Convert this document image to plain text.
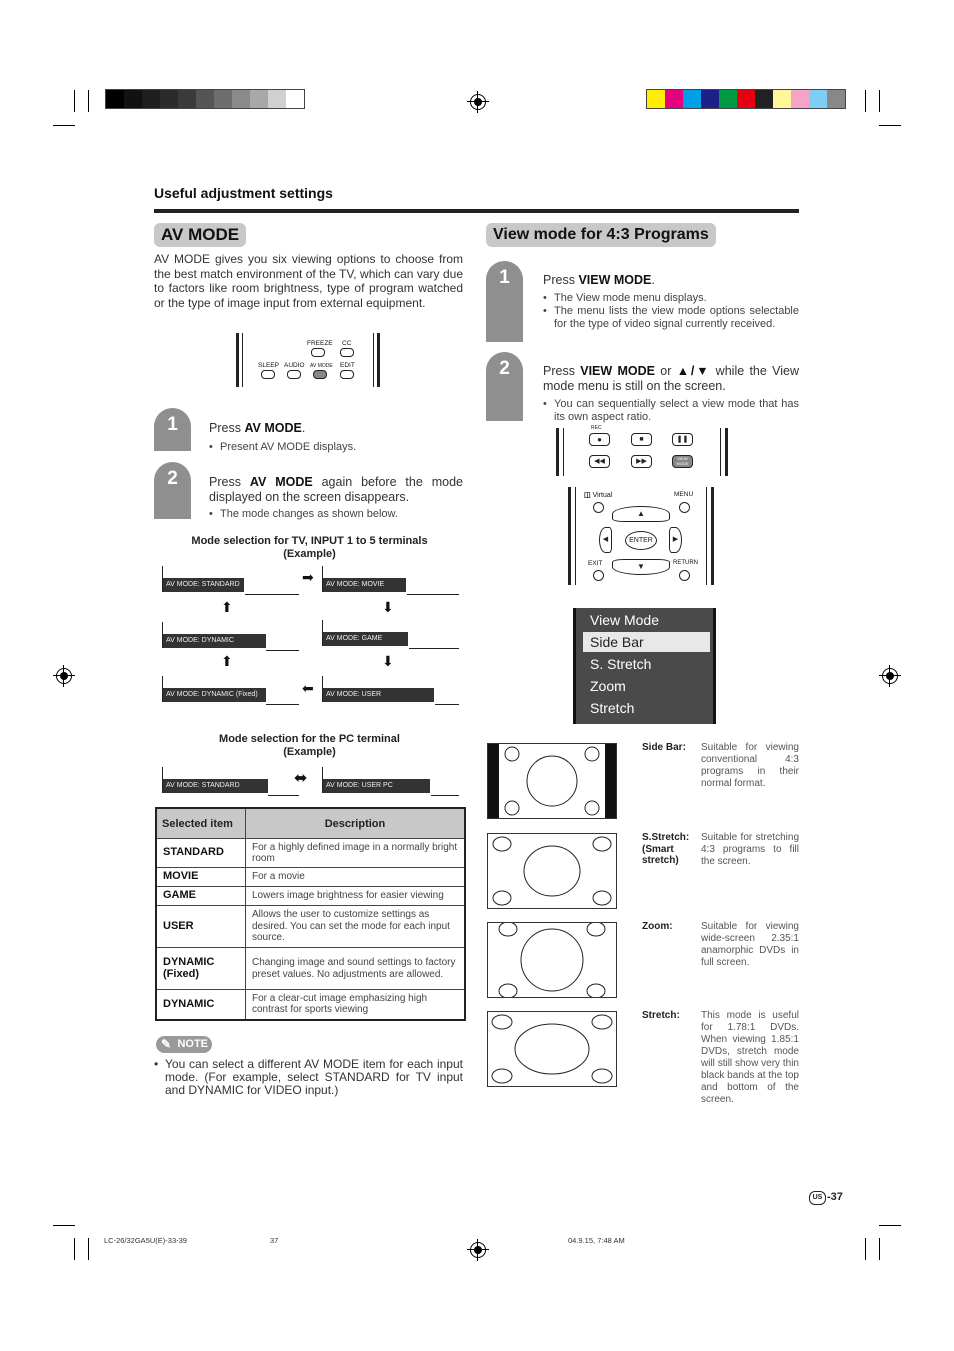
Useful adjustment settings
AV MODE
AV MODE gives you six viewing options to choose from the best match environment of the TV, which can vary due to factors like room brightness, type of program watched or the type of image input from external equipment.
FREEZE CC
SLEEP AUDIO AV MODE EDIT
1	Press AV MODE.
• Present AV MODE displays.
2	Press AV MODE again before the mode displayed on the screen disappears.
• The mode changes as shown below.
Mode selection for TV, INPUT 1 to 5 terminals
(Example)
AV MODE: STANDARD	AV MODE: MOVIE
AV MODE: DYNAMIC	AV MODE: GAME
AV MODE: DYNAMIC (Fixed)	AV MODE: USER
➡
⬆	⬇
⬆	⬇
⬅
Mode selection for the PC terminal
(Example)
AV MODE: STANDARD	AV MODE: USER PC
⬌
Selected item	Description
STANDARD	For a highly defined image in a normally bright room
MOVIE	For a movie
GAME	Lowers image brightness for easier viewing
USER	Allows the user to customize settings as desired. You can set the mode for each input source.
DYNAMIC (Fixed)	Changing image and sound settings to factory preset values. No adjustments are allowed.
DYNAMIC	For a clear-cut image emphasizing high contrast for sports viewing
✎ NOTE
• You can select a different AV MODE item for each input mode. (For example, select STANDARD for TV input and DYNAMIC for VIDEO input.)
View mode for 4:3 Programs
1	Press VIEW MODE.
• The View mode menu displays.
• The menu lists the view mode options selectable for the type of video signal currently received.
2	Press VIEW MODE or ▲/▼ while the View mode menu is still on the screen.
• You can sequentially select a view mode that has its own aspect ratio.
REC
●	■	❚❚
◀◀	▶▶	VIEW MODE
◫ Virtual	MENU
▲
◀	▶
ENTER
▼
EXIT	RETURN
View Mode
Side Bar
S. Stretch
Zoom
Stretch
Side Bar: Suitable for viewing conventional 4:3 programs in their normal format.
S.Stretch: (Smart stretch)
Suitable for stretching 4:3 programs to fill the screen.
Zoom:	Suitable for viewing wide-screen 2.35:1 anamorphic DVDs in full screen.
Stretch: This mode is useful for 1.78:1 DVDs. When viewing 1.85:1 DVDs, stretch mode will still show very thin black bands at the top and bottom of the screen.
US -37
LC-26/32GA5U(E)-33-39	37	04.9.15, 7:48 AM
